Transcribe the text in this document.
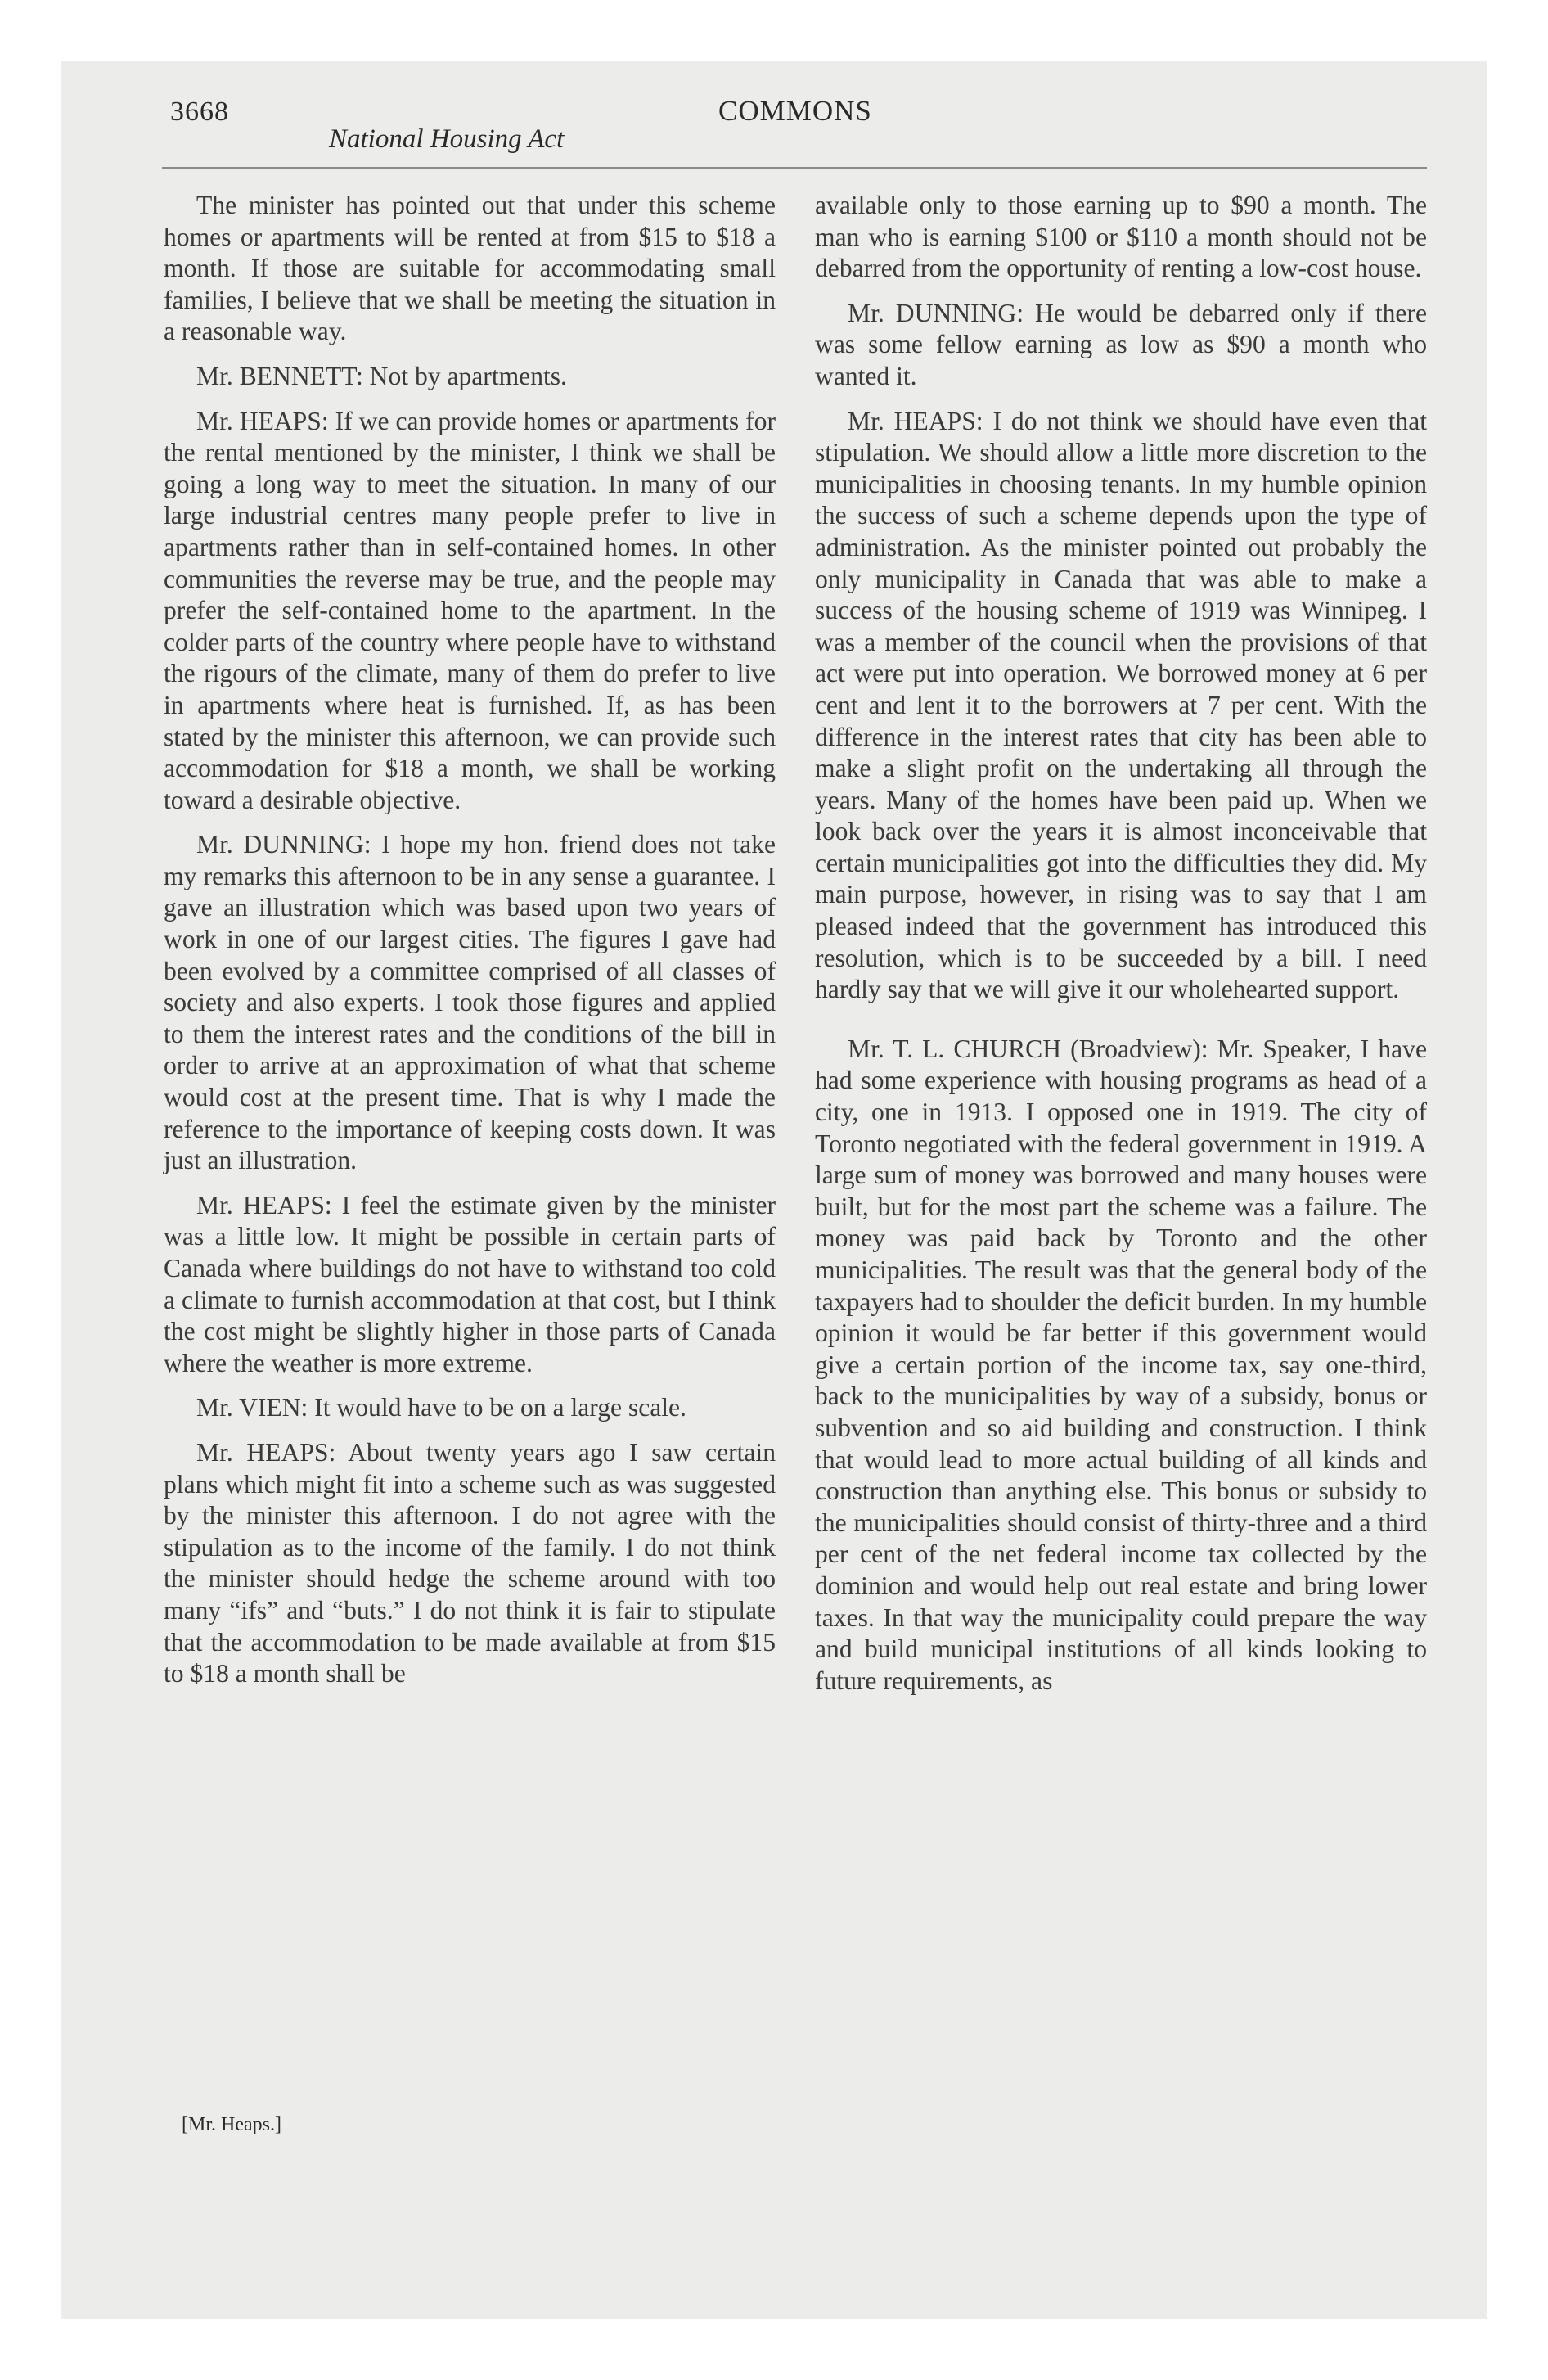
3668
National Housing Act
COMMONS

The minister has pointed out that under this scheme homes or apartments will be rented at from $15 to $18 a month. If those are suitable for accommodating small families, I believe that we shall be meeting the situation in a reasonable way.

Mr. BENNETT: Not by apartments.

Mr. HEAPS: If we can provide homes or apartments for the rental mentioned by the minister, I think we shall be going a long way to meet the situation. In many of our large industrial centres many people prefer to live in apartments rather than in self-contained homes. In other communities the reverse may be true, and the people may prefer the self-contained home to the apartment. In the colder parts of the country where people have to withstand the rigours of the climate, many of them do prefer to live in apartments where heat is furnished. If, as has been stated by the minister this afternoon, we can provide such accommodation for $18 a month, we shall be working toward a desirable objective.

Mr. DUNNING: I hope my hon. friend does not take my remarks this afternoon to be in any sense a guarantee. I gave an illustration which was based upon two years of work in one of our largest cities. The figures I gave had been evolved by a committee comprised of all classes of society and also experts. I took those figures and applied to them the interest rates and the conditions of the bill in order to arrive at an approximation of what that scheme would cost at the present time. That is why I made the reference to the importance of keeping costs down. It was just an illustration.

Mr. HEAPS: I feel the estimate given by the minister was a little low. It might be possible in certain parts of Canada where buildings do not have to withstand too cold a climate to furnish accommodation at that cost, but I think the cost might be slightly higher in those parts of Canada where the weather is more extreme.

Mr. VIEN: It would have to be on a large scale.

Mr. HEAPS: About twenty years ago I saw certain plans which might fit into a scheme such as was suggested by the minister this afternoon. I do not agree with the stipulation as to the income of the family. I do not think the minister should hedge the scheme around with too many “ifs” and “buts.” I do not think it is fair to stipulate that the accommodation to be made available at from $15 to $18 a month shall be

available only to those earning up to $90 a month. The man who is earning $100 or $110 a month should not be debarred from the opportunity of renting a low-cost house.

Mr. DUNNING: He would be debarred only if there was some fellow earning as low as $90 a month who wanted it.

Mr. HEAPS: I do not think we should have even that stipulation. We should allow a little more discretion to the municipalities in choosing tenants. In my humble opinion the success of such a scheme depends upon the type of administration. As the minister pointed out probably the only municipality in Canada that was able to make a success of the housing scheme of 1919 was Winnipeg. I was a member of the council when the provisions of that act were put into operation. We borrowed money at 6 per cent and lent it to the borrowers at 7 per cent. With the difference in the interest rates that city has been able to make a slight profit on the undertaking all through the years. Many of the homes have been paid up. When we look back over the years it is almost inconceivable that certain municipalities got into the difficulties they did. My main purpose, however, in rising was to say that I am pleased indeed that the government has introduced this resolution, which is to be succeeded by a bill. I need hardly say that we will give it our wholehearted support.

Mr. T. L. CHURCH (Broadview): Mr. Speaker, I have had some experience with housing programs as head of a city, one in 1913. I opposed one in 1919. The city of Toronto negotiated with the federal government in 1919. A large sum of money was borrowed and many houses were built, but for the most part the scheme was a failure. The money was paid back by Toronto and the other municipalities. The result was that the general body of the taxpayers had to shoulder the deficit burden. In my humble opinion it would be far better if this government would give a certain portion of the income tax, say one-third, back to the municipalities by way of a subsidy, bonus or subvention and so aid building and construction. I think that would lead to more actual building of all kinds and construction than anything else. This bonus or subsidy to the municipalities should consist of thirty-three and a third per cent of the net federal income tax collected by the dominion and would help out real estate and bring lower taxes. In that way the municipality could prepare the way and build municipal institutions of all kinds looking to future requirements, as

[Mr. Heaps.]
